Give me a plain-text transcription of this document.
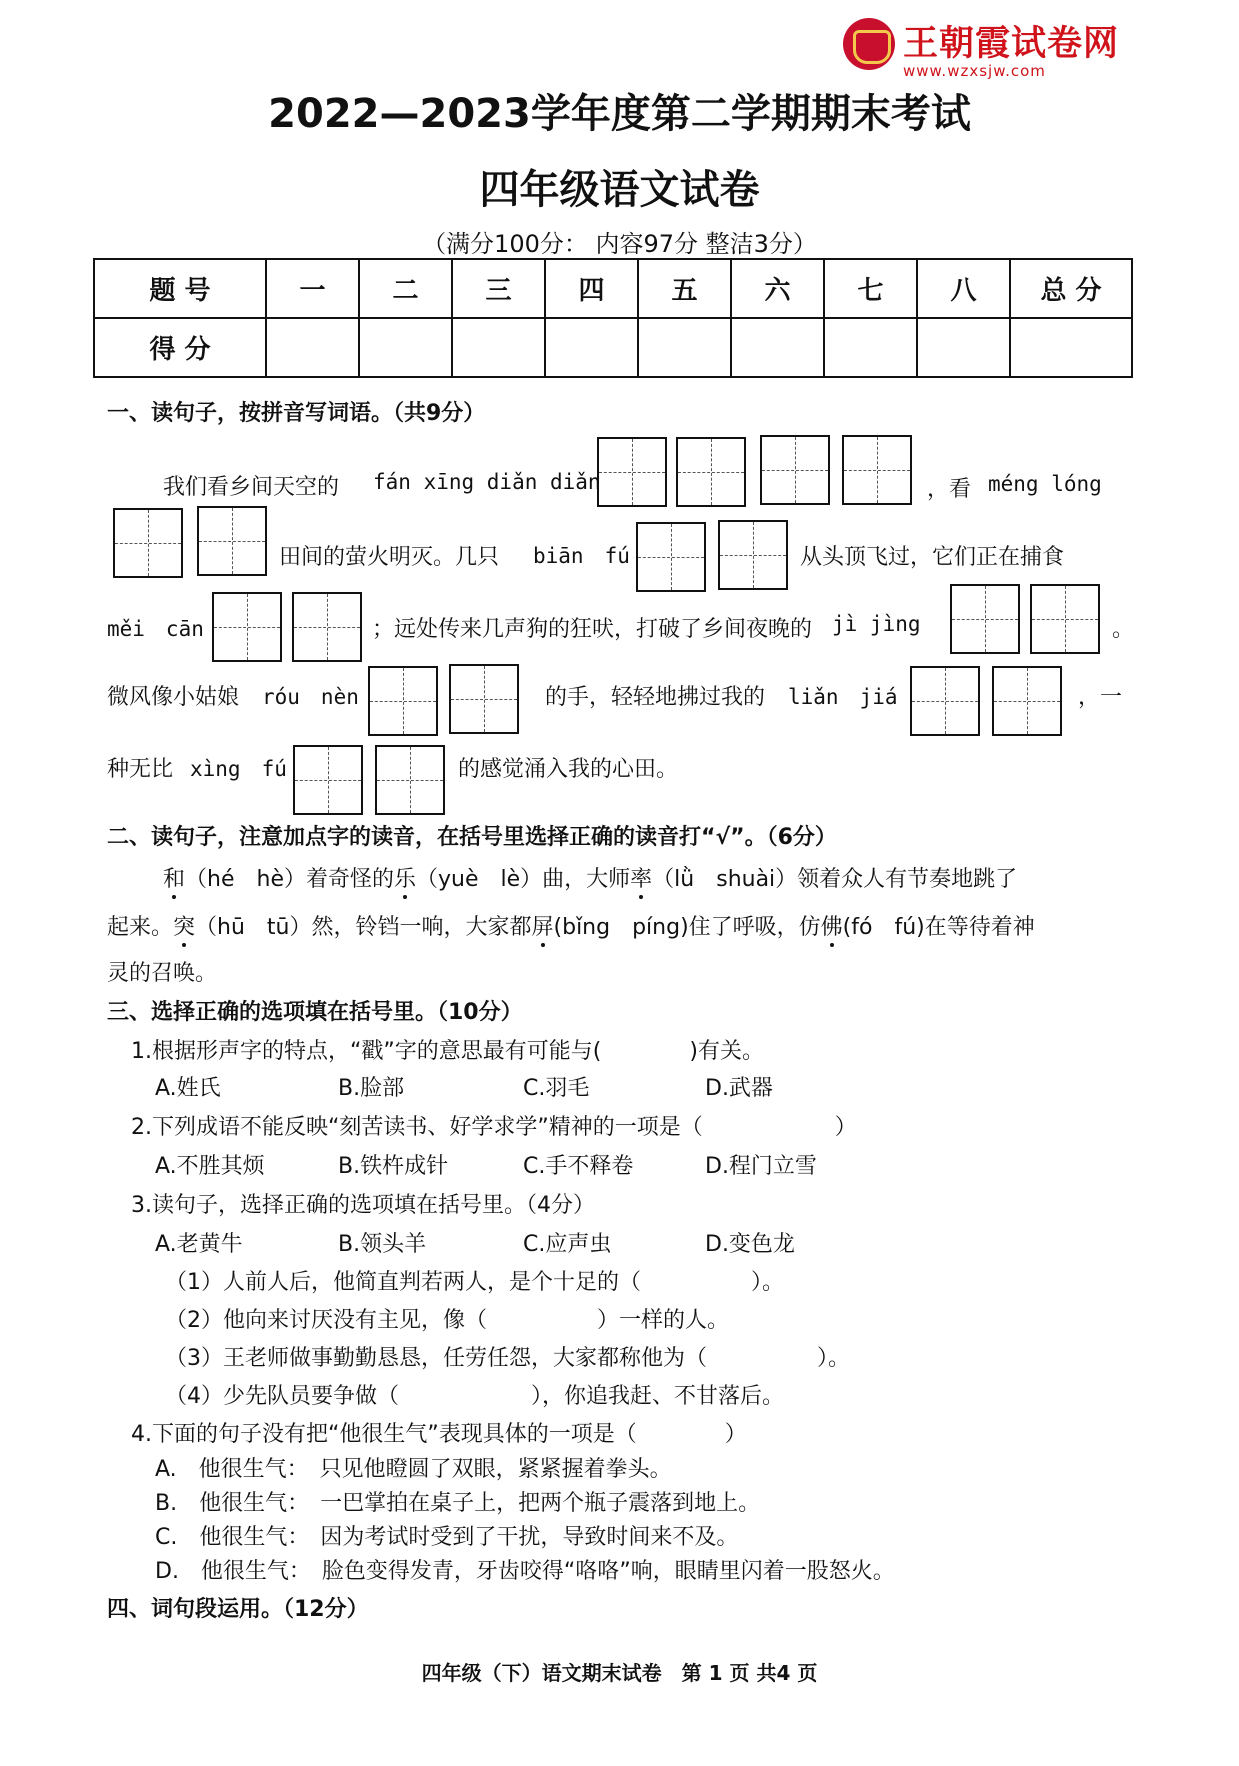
王朝霞试卷网
www.wzxsjw.com
2022—2023学年度第二学期期末考试
四年级语文试卷
（满分100分： 内容97分 整洁3分）
题 号	一	二	三	四	五	六	七	八	总 分
得 分									
一、读句子，按拼音写词语。（共9分）
我们看乡间天空的 fán xīng diǎn diǎn	，看 méng lóng
田间的萤火明灭。几只 biān　fú	从头顶飞过，它们正在捕食
měi　cān	；远处传来几声狗的狂吠，打破了乡间夜晚的 jì jìng	。
微风像小姑娘 róu　nèn	的手，轻轻地拂过我的 liǎn　jiá	，一
种无比 xìng　fú	的感觉涌入我的心田。
二、读句子，注意加点字的读音，在括号里选择正确的读音打“√”。（6分）
和（hé　hè）着奇怪的乐（yuè　lè）曲，大师率（lǜ　shuài）领着众人有节奏地跳了
起来。突（hū　tū）然，铃铛一响，大家都屏(bǐng　píng)住了呼吸，仿佛(fó　fú)在等待着神
灵的召唤。
三、选择正确的选项填在括号里。（10分）
1.根据形声字的特点，“戳”字的意思最有可能与(　　　　)有关。
A.姓氏	B.脸部	C.羽毛	D.武器
2.下列成语不能反映“刻苦读书、好学求学”精神的一项是（　　　　　　）
A.不胜其烦	B.铁杵成针	C.手不释卷	D.程门立雪
3.读句子，选择正确的选项填在括号里。（4分）
A.老黄牛	B.领头羊	C.应声虫	D.变色龙
（1）人前人后，他简直判若两人，是个十足的（　　　　　）。
（2）他向来讨厌没有主见，像（　　　　　）一样的人。
（3）王老师做事勤勤恳恳，任劳任怨，大家都称他为（　　　　　）。
（4）少先队员要争做（　　　　　　），你追我赶、不甘落后。
4.下面的句子没有把“他很生气”表现具体的一项是（　　　　）
A.　他很生气：　只见他瞪圆了双眼，紧紧握着拳头。
B.　他很生气：　一巴掌拍在桌子上，把两个瓶子震落到地上。
C.　他很生气：　因为考试时受到了干扰，导致时间来不及。
D.　他很生气：　脸色变得发青，牙齿咬得“咯咯”响，眼睛里闪着一股怒火。
四、词句段运用。（12分）
四年级（下）语文期末试卷　第 1 页 共4 页
